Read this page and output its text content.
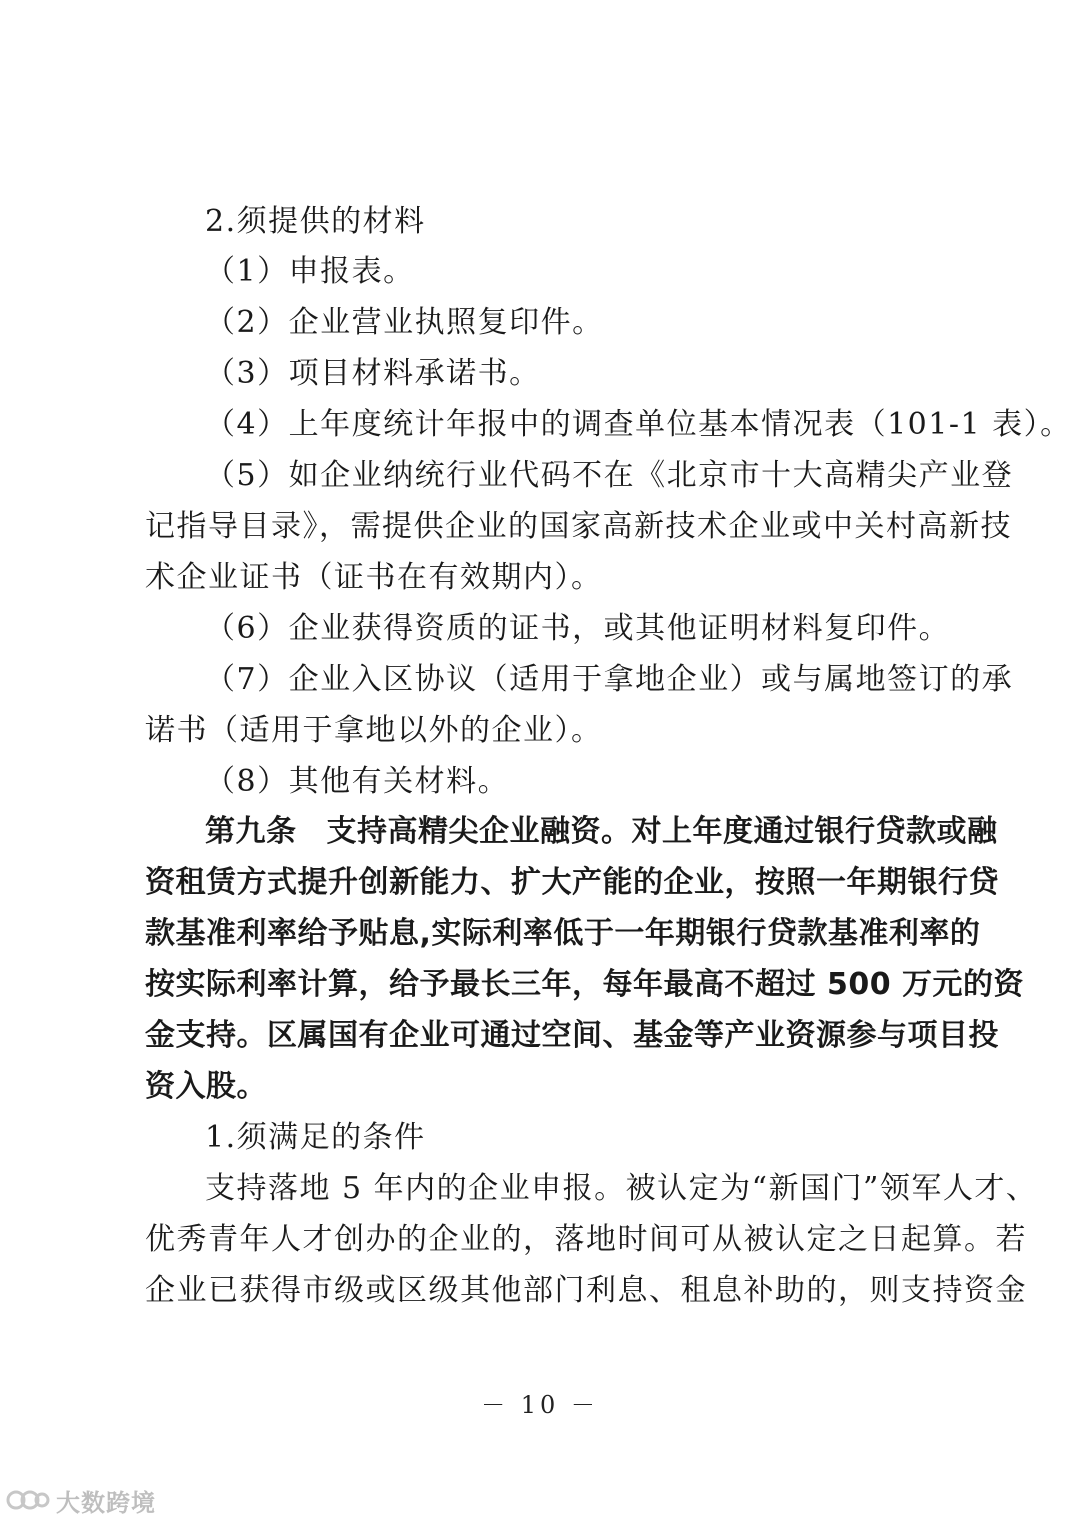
2.须提供的材料
（1）申报表。
（2）企业营业执照复印件。
（3）项目材料承诺书。
（4）上年度统计年报中的调查单位基本情况表（101-1 表）。
（5）如企业纳统行业代码不在《北京市十大高精尖产业登
记指导目录》，需提供企业的国家高新技术企业或中关村高新技
术企业证书（证书在有效期内）。
（6）企业获得资质的证书，或其他证明材料复印件。
（7）企业入区协议（适用于拿地企业）或与属地签订的承
诺书（适用于拿地以外的企业）。
（8）其他有关材料。
第九条 支持高精尖企业融资。对上年度通过银行贷款或融
资租赁方式提升创新能力、扩大产能的企业，按照一年期银行贷
款基准利率给予贴息,实际利率低于一年期银行贷款基准利率的
按实际利率计算，给予最长三年，每年最高不超过 500 万元的资
金支持。区属国有企业可通过空间、基金等产业资源参与项目投
资入股。
1.须满足的条件
支持落地 5 年内的企业申报。被认定为“新国门”领军人才、
优秀青年人才创办的企业的，落地时间可从被认定之日起算。若
企业已获得市级或区级其他部门利息、租息补助的，则支持资金
－ 10 －
大数跨境
